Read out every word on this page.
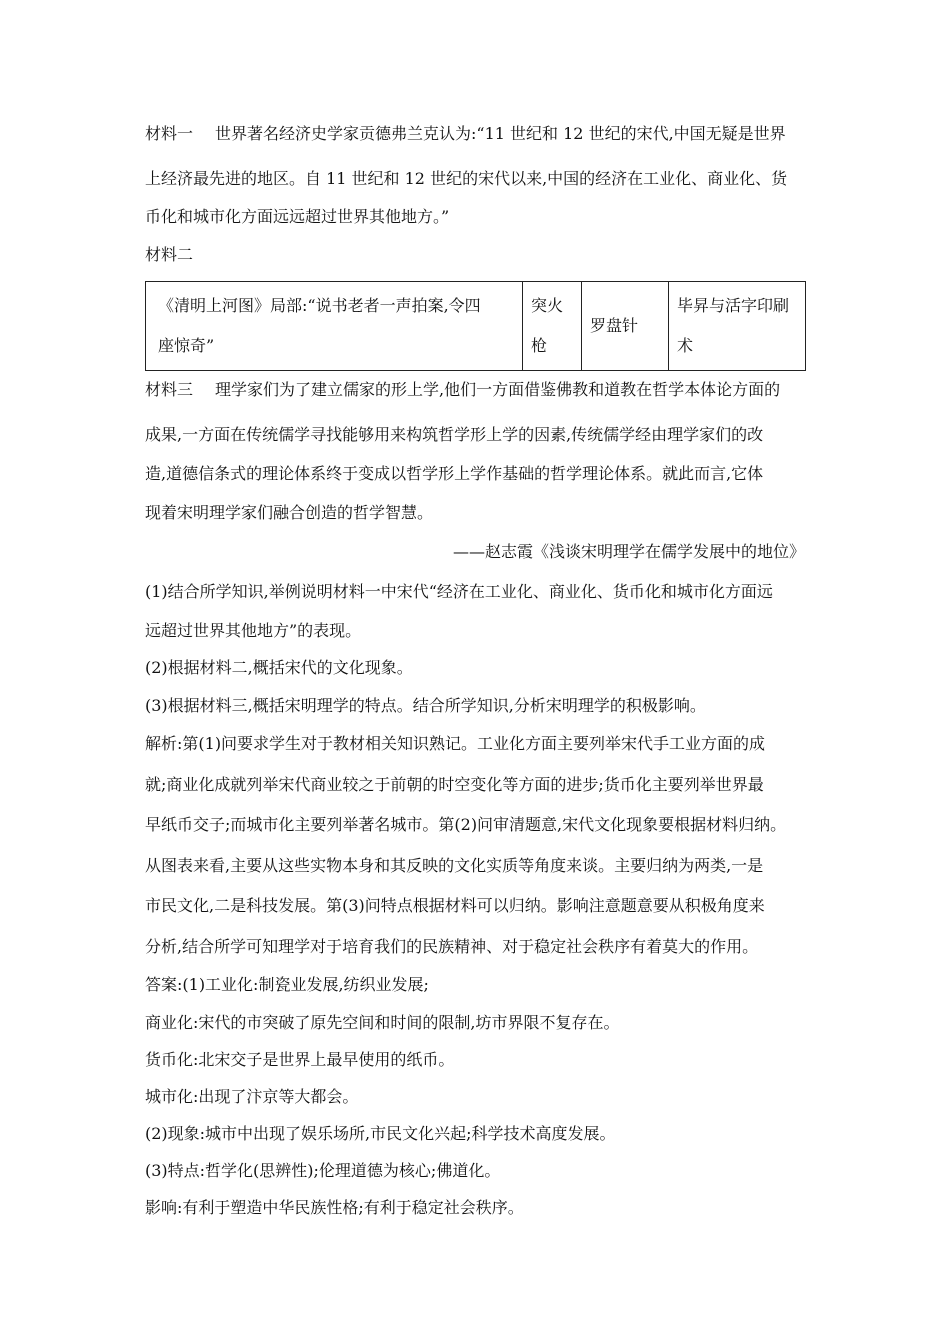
材料一 世界著名经济史学家贡德弗兰克认为:“11 世纪和 12 世纪的宋代,中国无疑是世界
上经济最先进的地区。自 11 世纪和 12 世纪的宋代以来,中国的经济在工业化、商业化、货
币化和城市化方面远远超过世界其他地方。”
材料二
《清明上河图》局部:“说书老者一声拍案,令四
座惊奇”

突火
枪

罗盘针

毕昇与活字印刷
术
材料三 理学家们为了建立儒家的形上学,他们一方面借鉴佛教和道教在哲学本体论方面的
成果,一方面在传统儒学寻找能够用来构筑哲学形上学的因素,传统儒学经由理学家们的改
造,道德信条式的理论体系终于变成以哲学形上学作基础的哲学理论体系。就此而言,它体
现着宋明理学家们融合创造的哲学智慧。
——赵志霞《浅谈宋明理学在儒学发展中的地位》
(1)结合所学知识,举例说明材料一中宋代“经济在工业化、商业化、货币化和城市化方面远
远超过世界其他地方”的表现。
(2)根据材料二,概括宋代的文化现象。
(3)根据材料三,概括宋明理学的特点。结合所学知识,分析宋明理学的积极影响。
解析:第(1)问要求学生对于教材相关知识熟记。工业化方面主要列举宋代手工业方面的成
就;商业化成就列举宋代商业较之于前朝的时空变化等方面的进步;货币化主要列举世界最
早纸币交子;而城市化主要列举著名城市。第(2)问审清题意,宋代文化现象要根据材料归纳。
从图表来看,主要从这些实物本身和其反映的文化实质等角度来谈。主要归纳为两类,一是
市民文化,二是科技发展。第(3)问特点根据材料可以归纳。影响注意题意要从积极角度来
分析,结合所学可知理学对于培育我们的民族精神、对于稳定社会秩序有着莫大的作用。
答案:(1)工业化:制瓷业发展,纺织业发展;
商业化:宋代的市突破了原先空间和时间的限制,坊市界限不复存在。
货币化:北宋交子是世界上最早使用的纸币。
城市化:出现了汴京等大都会。
(2)现象:城市中出现了娱乐场所,市民文化兴起;科学技术高度发展。
(3)特点:哲学化(思辨性);伦理道德为核心;佛道化。
影响:有利于塑造中华民族性格;有利于稳定社会秩序。
